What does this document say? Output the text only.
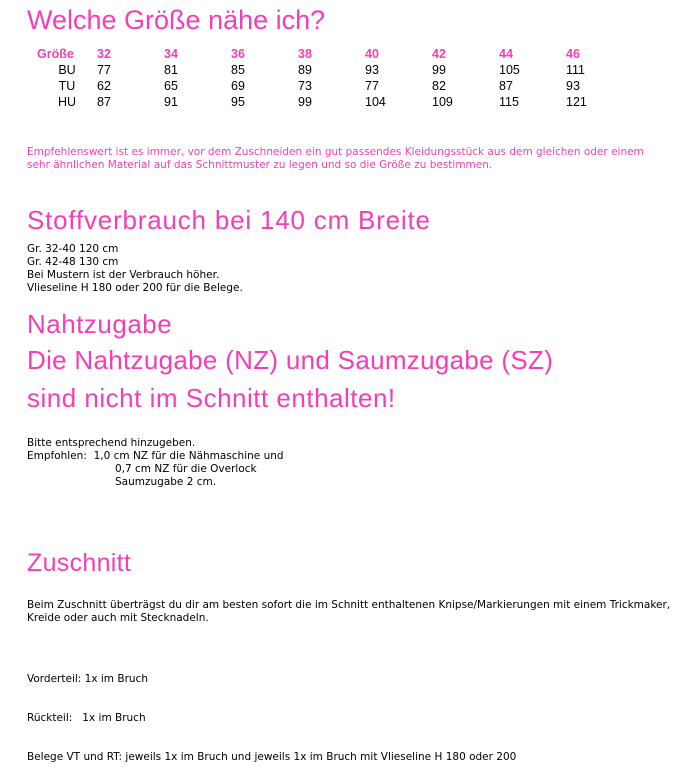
Welche Größe nähe ich?
Größe	32	34	36	38	40	42	44	46
BU	77	81	85	89	93	99	105	111
TU	62	65	69	73	77	82	87	93
HU	87	91	95	99	104	109	115	121

Empfehlenswert ist es immer, vor dem Zuschneiden ein gut passendes Kleidungsstück aus dem gleichen oder einem sehr ähnlichen Material auf das Schnittmuster zu legen und so die Größe zu bestimmen.

Stoffverbrauch bei 140 cm Breite
Gr. 32-40 120 cm
Gr. 42-48 130 cm
Bei Mustern ist der Verbrauch höher.
Vlieseline H 180 oder 200 für die Belege.
Nahtzugabe
Die Nahtzugabe (NZ) und Saumzugabe (SZ)
sind nicht im Schnitt enthalten!
Bitte entsprechend hinzugeben.
Empfohlen: 1,0 cm NZ für die Nähmaschine und
0,7 cm NZ für die Overlock
Saumzugabe 2 cm.
Zuschnitt

Beim Zuschnitt überträgst du dir am besten sofort die im Schnitt enthaltenen Knipse/Markierungen mit einem Trickmaker, Kreide oder auch mit Stecknadeln.

Vorderteil: 1x im Bruch

Rückteil:   1x im Bruch

Belege VT und RT: jeweils 1x im Bruch und jeweils 1x im Bruch mit Vlieseline H 180 oder 200
